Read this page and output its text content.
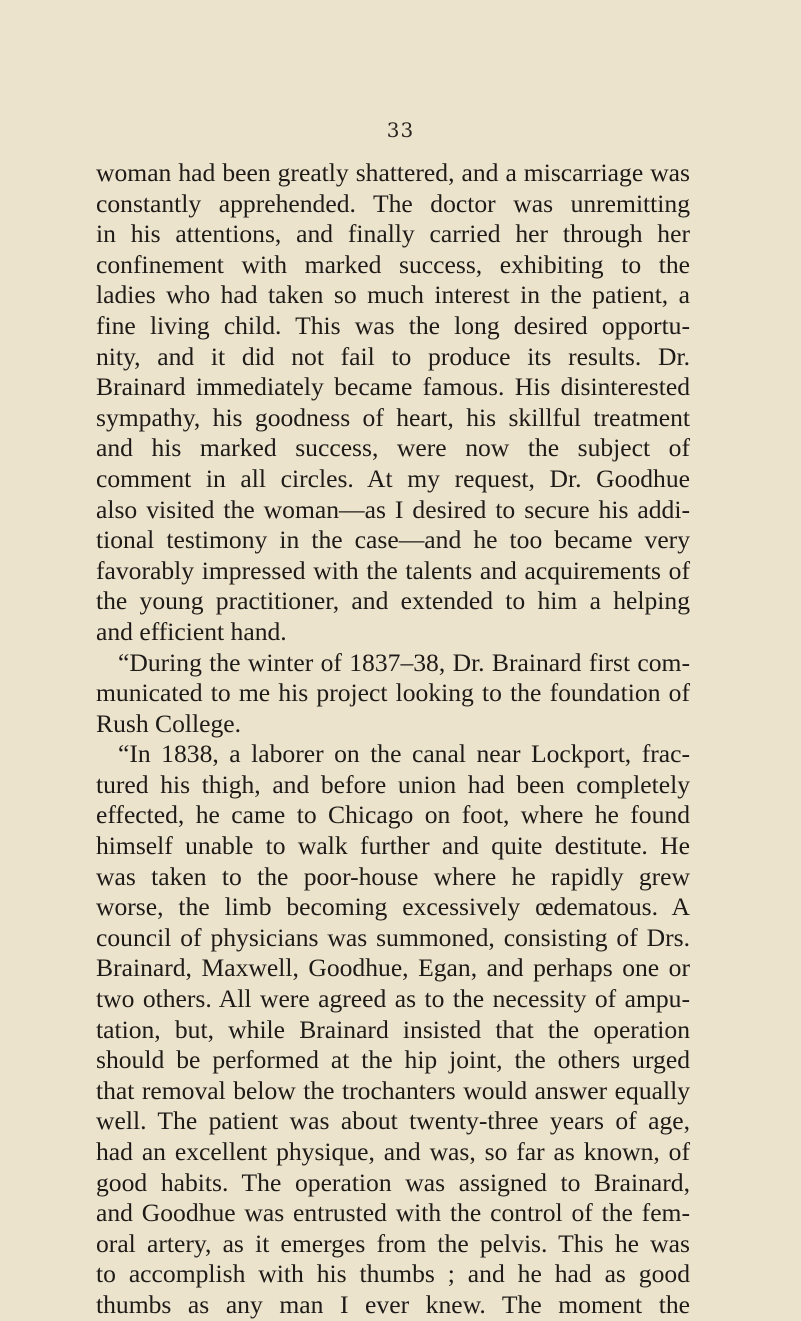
33
woman had been greatly shattered, and a miscarriage was
constantly apprehended. The doctor was unremitting
in his attentions, and finally carried her through her
confinement with marked success, exhibiting to the
ladies who had taken so much interest in the patient, a
fine living child. This was the long desired opportu-
nity, and it did not fail to produce its results. Dr.
Brainard immediately became famous. His disinterested
sympathy, his goodness of heart, his skillful treatment
and his marked success, were now the subject of
comment in all circles. At my request, Dr. Goodhue
also visited the woman—as I desired to secure his addi-
tional testimony in the case—and he too became very
favorably impressed with the talents and acquirements of
the young practitioner, and extended to him a helping
and efficient hand.
“During the winter of 1837–38, Dr. Brainard first com-
municated to me his project looking to the foundation of
Rush College.
“In 1838, a laborer on the canal near Lockport, frac-
tured his thigh, and before union had been completely
effected, he came to Chicago on foot, where he found
himself unable to walk further and quite destitute. He
was taken to the poor-house where he rapidly grew
worse, the limb becoming excessively œdematous. A
council of physicians was summoned, consisting of Drs.
Brainard, Maxwell, Goodhue, Egan, and perhaps one or
two others. All were agreed as to the necessity of ampu-
tation, but, while Brainard insisted that the operation
should be performed at the hip joint, the others urged
that removal below the trochanters would answer equally
well. The patient was about twenty-three years of age,
had an excellent physique, and was, so far as known, of
good habits. The operation was assigned to Brainard,
and Goodhue was entrusted with the control of the fem-
oral artery, as it emerges from the pelvis. This he was
to accomplish with his thumbs ; and he had as good
thumbs as any man I ever knew. The moment the
